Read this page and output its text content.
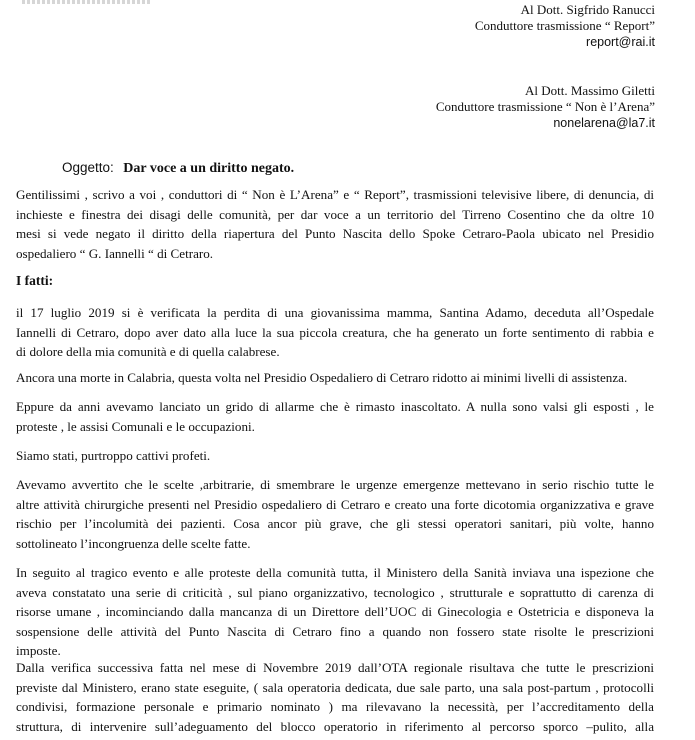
Al Dott. Sigfrido Ranucci
Conduttore trasmissione “ Report”
report@rai.it
Al Dott. Massimo Giletti
Conduttore trasmissione “ Non è l’Arena”
nonelarena@la7.it
Oggetto: Dar voce a un diritto negato.
Gentilissimi , scrivo a voi , conduttori di “ Non è L’Arena” e “ Report”, trasmissioni televisive libere, di denuncia, di
inchieste e finestra dei disagi delle comunità, per dar voce a un territorio del Tirreno Cosentino che da oltre 10
mesi si vede negato il diritto della riapertura del Punto Nascita dello Spoke Cetraro-Paola ubicato nel Presidio
ospedaliero “ G. Iannelli “ di Cetraro.
I fatti:
il 17 luglio 2019 si è verificata la perdita di una giovanissima mamma, Santina Adamo, deceduta all’Ospedale
Iannelli di Cetraro, dopo aver dato alla luce la sua piccola creatura, che ha generato un forte sentimento di rabbia e
di dolore della mia comunità e di quella calabrese.
Ancora una morte in Calabria, questa volta nel Presidio Ospedaliero di Cetraro ridotto ai minimi livelli di assistenza.
Eppure da anni avevamo lanciato un grido di allarme che è rimasto inascoltato. A nulla sono valsi gli esposti , le
proteste , le assisi Comunali e le occupazioni.
Siamo stati, purtroppo cattivi profeti.
Avevamo avvertito che le scelte ,arbitrarie, di smembrare le urgenze emergenze mettevano in serio rischio tutte le
altre attività chirurgiche presenti nel Presidio ospedaliero di Cetraro e creato una forte dicotomia organizzativa e grave
rischio per l’incolumità dei pazienti. Cosa ancor più grave, che gli stessi operatori sanitari, più volte, hanno
sottolineato l’incongruenza delle scelte fatte.
In seguito al tragico evento e alle proteste della comunità tutta, il Ministero della Sanità inviava una ispezione che
aveva constatato una serie di criticità , sul piano organizzativo, tecnologico , strutturale e soprattutto di carenza di
risorse umane , incominciando dalla mancanza di un Direttore dell’UOC di Ginecologia e Ostetricia e disponeva la
sospensione delle attività del Punto Nascita di Cetraro fino a quando non fossero state risolte le prescrizioni
imposte.
Dalla verifica successiva fatta nel mese di Novembre 2019 dall’OTA regionale risultava che tutte le prescrizioni
previste dal Ministero, erano state eseguite, ( sala operatoria dedicata, due sale parto, una sala post-partum , protocolli
condivisi, formazione personale e primario nominato ) ma rilevavano la necessità, per l’accreditamento della
struttura, di intervenire sull’adeguamento del blocco operatorio in riferimento al percorso sporco –pulito, alla
